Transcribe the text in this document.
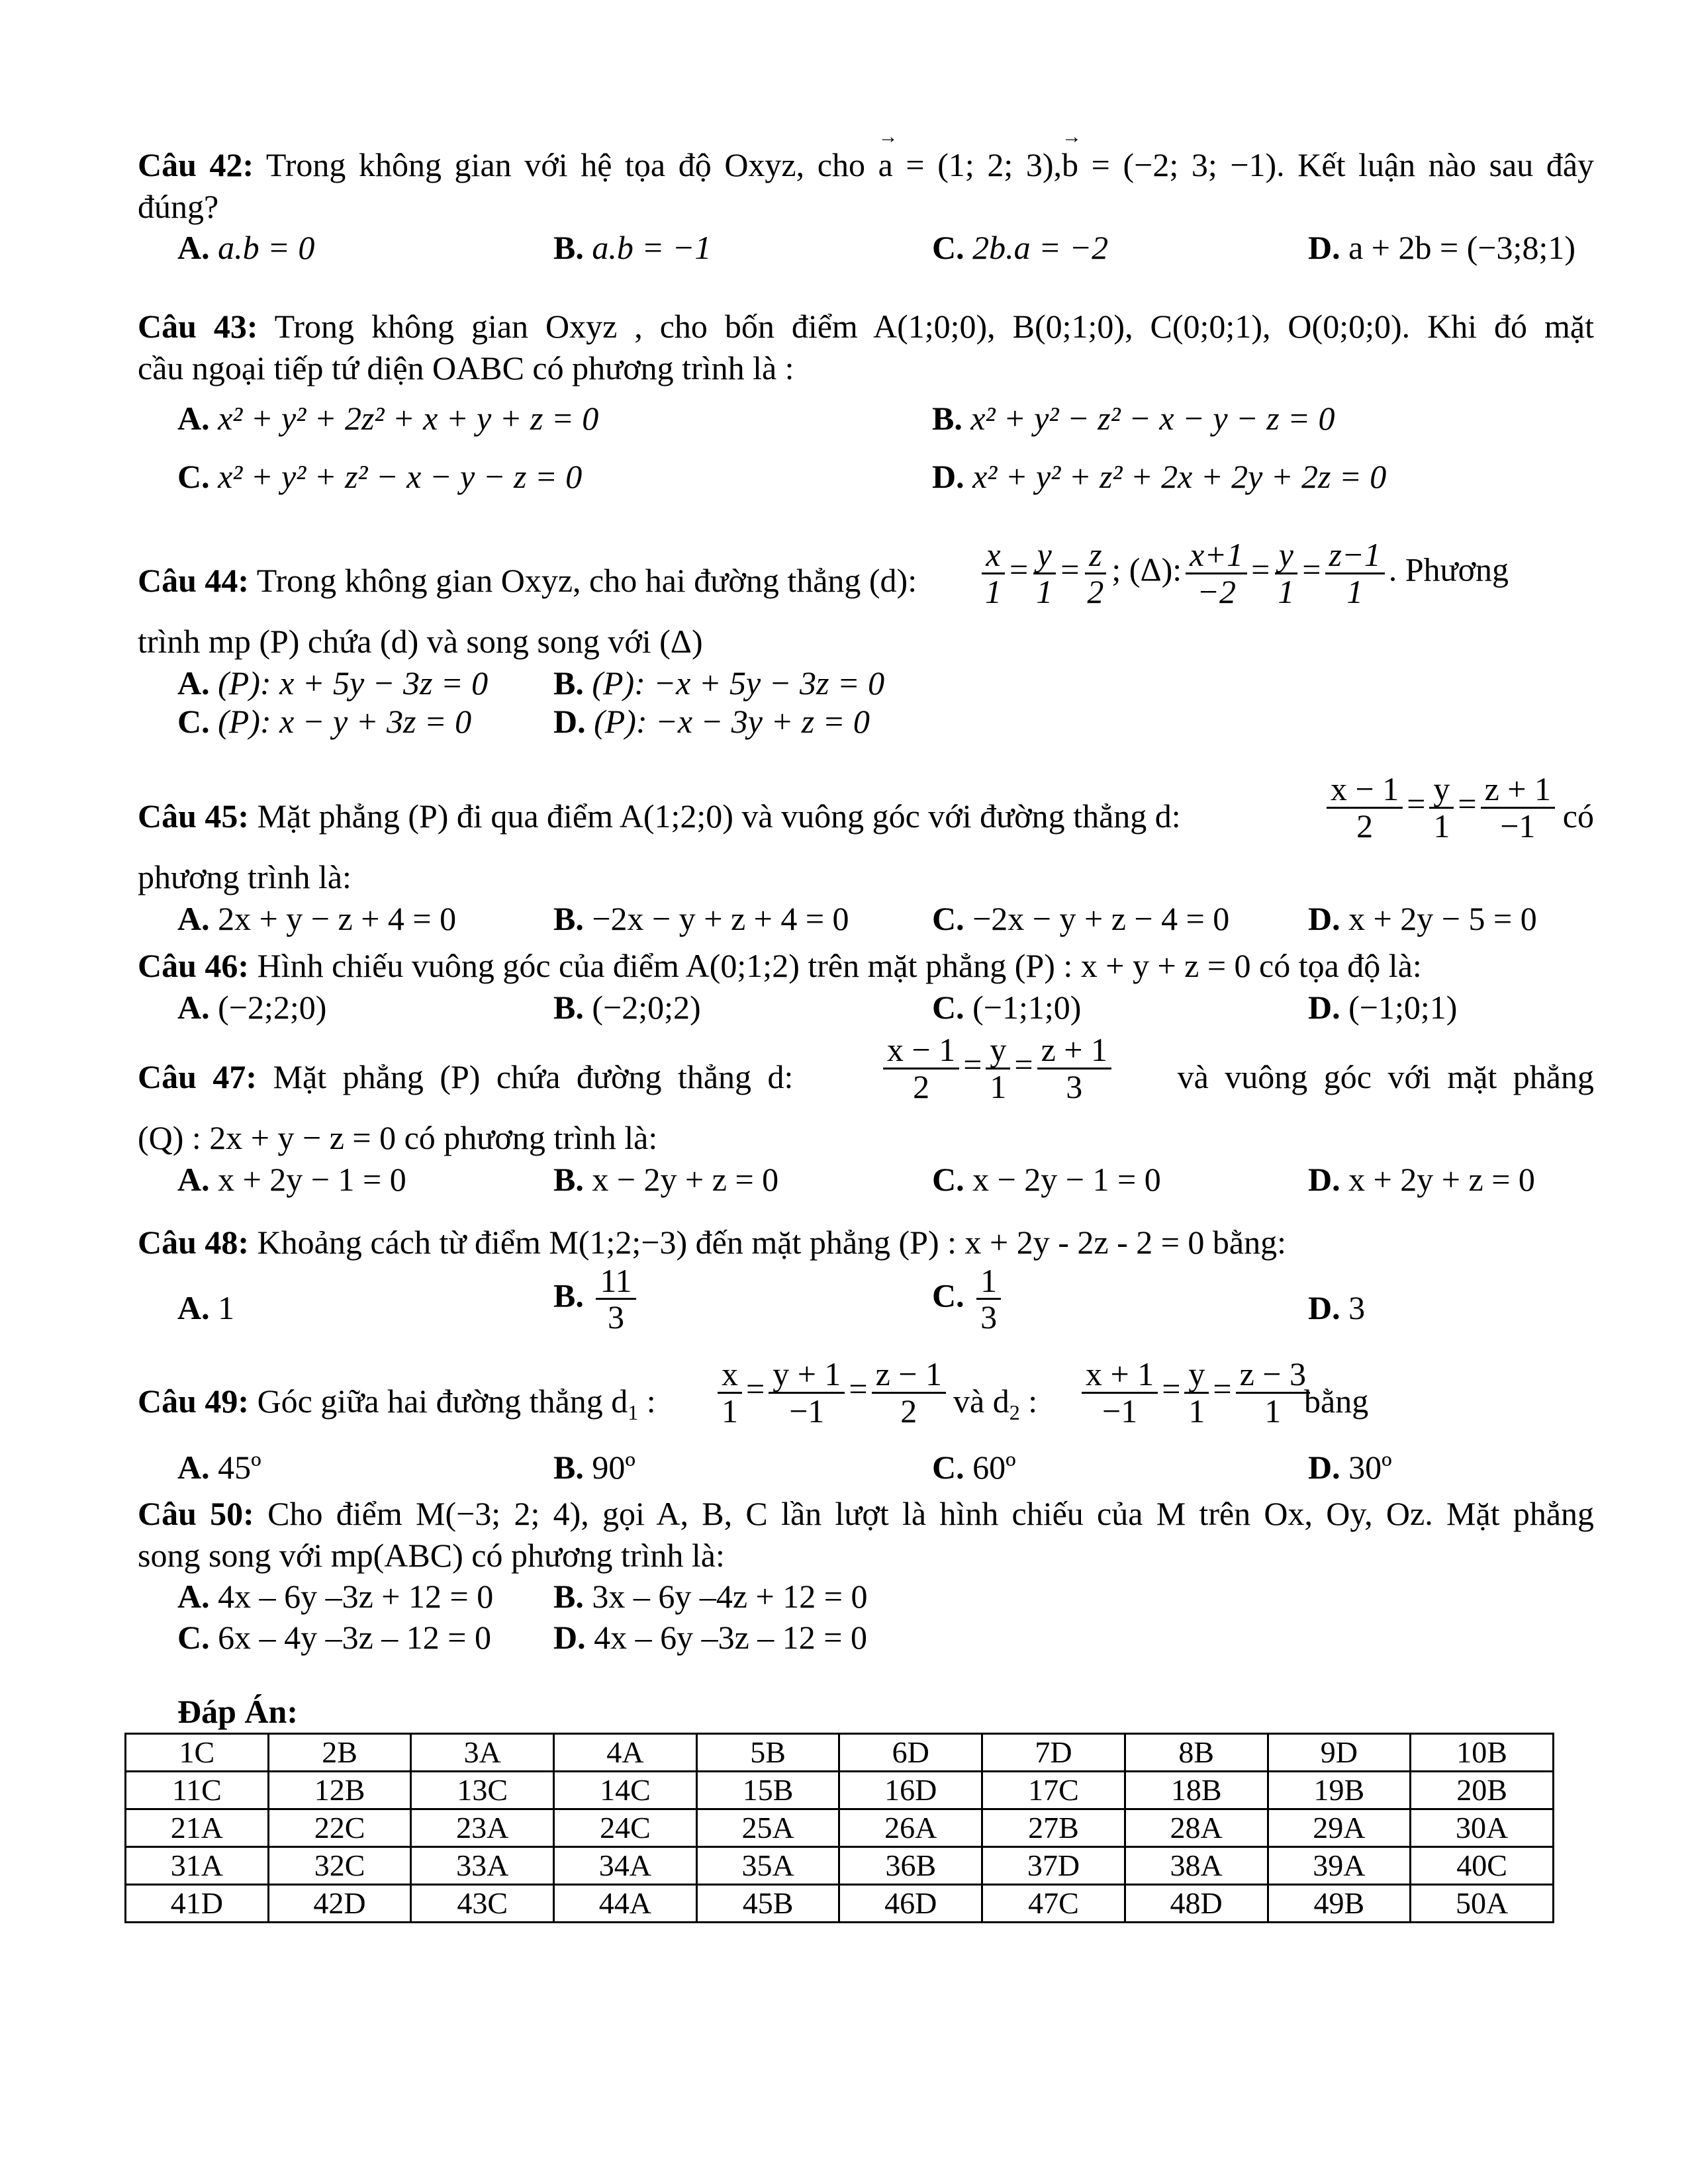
Câu 42: Trong không gian với hệ tọa độ Oxyz, cho → a = (1; 2; 3),→ b = (−2; 3; −1). Kết luận nào sau đây
đúng?
A. a.b = 0	B. a.b = −1	C. 2b.a = −2	D. a + 2b = (−3;8;1)
Câu 43: Trong không gian Oxyz , cho bốn điểm A(1;0;0), B(0;1;0), C(0;0;1), O(0;0;0). Khi đó mặt
cầu ngoại tiếp tứ diện OABC có phương trình là :
A. x² + y² + 2z² + x + y + z = 0	B. x² + y² − z² − x − y − z = 0
C. x² + y² + z² − x − y − z = 0	D. x² + y² + z² + 2x + 2y + 2z = 0
Câu 44: Trong không gian Oxyz, cho hai đường thẳng (d): $\frac{x}{1} = \frac{y}{1} = \frac{z}{2}$ ; (Δ): $\frac{x+1}{-2} = \frac{y}{1} = \frac{z-1}{1}$ . Phương
trình mp (P) chứa (d) và song song với (Δ)
A. (P): x + 5y − 3z = 0 B. (P): −x + 5y − 3z = 0
C. (P): x − y + 3z = 0 D. (P): −x − 3y + z = 0
Câu 45: Mặt phẳng (P) đi qua điểm A(1;2;0) và vuông góc với đường thẳng d:	$\frac{x - 1}{2} = \frac{y}{1} = \frac{z + 1}{-1}$ có
phương trình là:
A. 2x + y − z + 4 = 0	B. −2x − y + z + 4 = 0	C. −2x − y + z − 4 = 0 D. x + 2y − 5 = 0
Câu 46: Hình chiếu vuông góc của điểm A(0;1;2) trên mặt phẳng (P) : x + y + z = 0 có tọa độ là:
A. (−2;2;0)	B. (−2;0;2)	C. (−1;1;0)	D. (−1;0;1)
Câu 47: Mặt phẳng (P) chứa đường thẳng d:	$\frac{x - 1}{2} = \frac{y}{1} = \frac{z + 1}{3}$ và vuông góc với mặt phẳng
(Q) : 2x + y − z = 0 có phương trình là:
A. x + 2y − 1 = 0	B. x − 2y + z = 0	C. x − 2y − 1 = 0	D. x + 2y + z = 0
Câu 48: Khoảng cách từ điểm M(1;2;−3) đến mặt phẳng (P) : x + 2y - 2z - 2 = 0 bằng:
A. 1	B. $\frac{11}{3}$	C. $\frac{1}{3}$	D. 3
Câu 49: Góc giữa hai đường thẳng $d_1$ : $\frac{x}{1} = \frac{y + 1}{-1} = \frac{z - 1}{2}$ và $d_2$ : $\frac{x + 1}{-1} = \frac{y}{1} = \frac{z - 3}{1}$
bằng
A. 45º	B. 90º	C. 60º	D. 30º
Câu 50: Cho điểm M(−3; 2; 4), gọi A, B, C lần lượt là hình chiếu của M trên Ox, Oy, Oz. Mặt phẳng
song song với mp(ABC) có phương trình là:
A. 4x – 6y –3z + 12 = 0 B. 3x – 6y –4z + 12 = 0
C. 6x – 4y –3z – 12 = 0 D. 4x – 6y –3z – 12 = 0
Đáp Án:
1C	2B	3A	4A	5B	6D	7D	8B	9D	10B
11C	12B	13C	14C	15B	16D	17C	18B	19B	20B
21A	22C	23A	24C	25A	26A	27B	28A	29A	30A
31A	32C	33A	34A	35A	36B	37D	38A	39A	40C
41D	42D	43C	44A	45B	46D	47C	48D	49B	50A
